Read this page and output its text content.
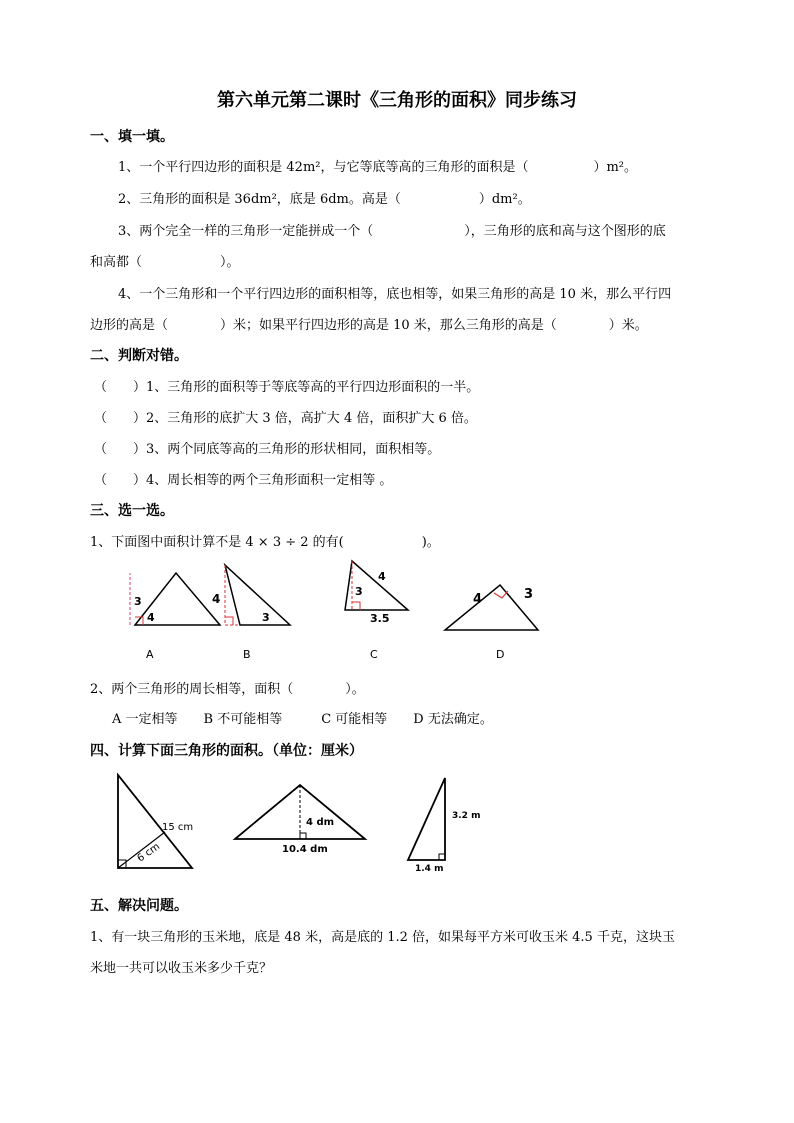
第六单元第二课时《三角形的面积》同步练习
一、填一填。
1、一个平行四边形的面积是 42m²，与它等底等高的三角形的面积是（　　　　　）m²。
2、三角形的面积是 36dm²，底是 6dm。高是（　　　　　　）dm²。
3、两个完全一样的三角形一定能拼成一个（　　　　　　　），三角形的底和高与这个图形的底
和高都（　　　　　　）。
4、一个三角形和一个平行四边形的面积相等，底也相等，如果三角形的高是 10 米，那么平行四
边形的高是（　　　　）米；如果平行四边形的高是 10 米，那么三角形的高是（　　　　）米。
二、判断对错。
（　　）1、三角形的面积等于等底等高的平行四边形面积的一半。
（　　）2、三角形的底扩大 3 倍，高扩大 4 倍，面积扩大 6 倍。
（　　）3、两个同底等高的三角形的形状相同，面积相等。
（　　）4、周长相等的两个三角形面积一定相等 。
三、选一选。
1、下面图中面积计算不是 4 × 3 ÷ 2 的有(　　　　　　)。
3
4
4
3
3
4
3.5
4	3
A	B	C	D
2、两个三角形的周长相等，面积（　　　　）。
A 一定相等　　B 不可能相等　　　C 可能相等　　D 无法确定。
四、计算下面三角形的面积。（单位：厘米）
15 cm
6 cm
4 dm
10.4 dm
3.2 m
1.4 m
五、解决问题。
1、有一块三角形的玉米地，底是 48 米，高是底的 1.2 倍，如果每平方米可收玉米 4.5 千克，这块玉
米地一共可以收玉米多少千克？
